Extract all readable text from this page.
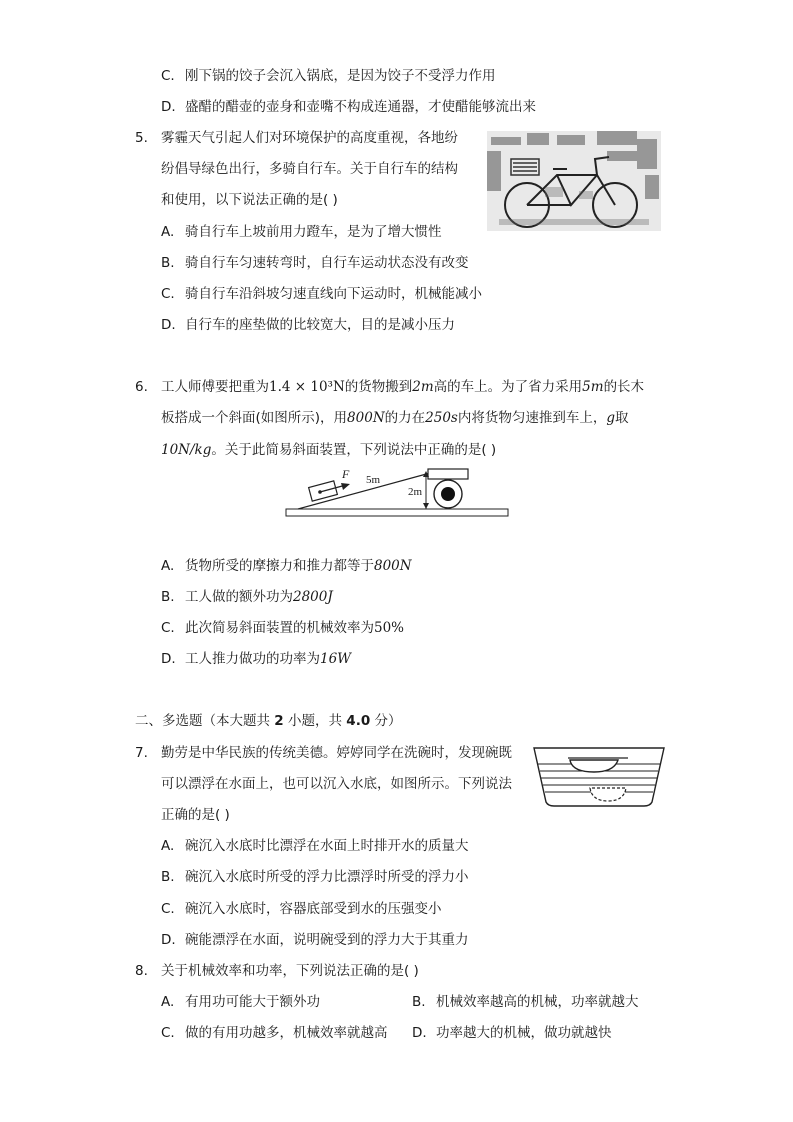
C. 刚下锅的饺子会沉入锅底，是因为饺子不受浮力作用
D. 盛醋的醋壶的壶身和壶嘴不构成连通器，才使醋能够流出来
5. 雾霾天气引起人们对环境保护的高度重视，各地纷
纷倡导绿色出行，多骑自行车。关于自行车的结构
和使用，以下说法正确的是( )
A. 骑自行车上坡前用力蹬车，是为了增大惯性
B. 骑自行车匀速转弯时，自行车运动状态没有改变
C. 骑自行车沿斜坡匀速直线向下运动时，机械能减小
D. 自行车的座垫做的比较宽大，目的是减小压力
6. 工人师傅要把重为1.4 × 10³N的货物搬到2m高的车上。为了省力采用5m的长木
板搭成一个斜面(如图所示)，用800N的力在250s内将货物匀速推到车上，g取
10N/kg。关于此简易斜面装置，下列说法中正确的是( )
F 5m
2m
A. 货物所受的摩擦力和推力都等于800N
B. 工人做的额外功为2800J
C. 此次简易斜面装置的机械效率为50%
D. 工人推力做功的功率为16W
二、多选题（本大题共 2 小题，共 4.0 分）
7. 勤劳是中华民族的传统美德。婷婷同学在洗碗时，发现碗既
可以漂浮在水面上，也可以沉入水底，如图所示。下列说法
正确的是( )
A. 碗沉入水底时比漂浮在水面上时排开水的质量大
B. 碗沉入水底时所受的浮力比漂浮时所受的浮力小
C. 碗沉入水底时，容器底部受到水的压强变小
D. 碗能漂浮在水面，说明碗受到的浮力大于其重力
8. 关于机械效率和功率，下列说法正确的是( )
A. 有用功可能大于额外功	B. 机械效率越高的机械，功率就越大
C. 做的有用功越多，机械效率就越高 D. 功率越大的机械，做功就越快
